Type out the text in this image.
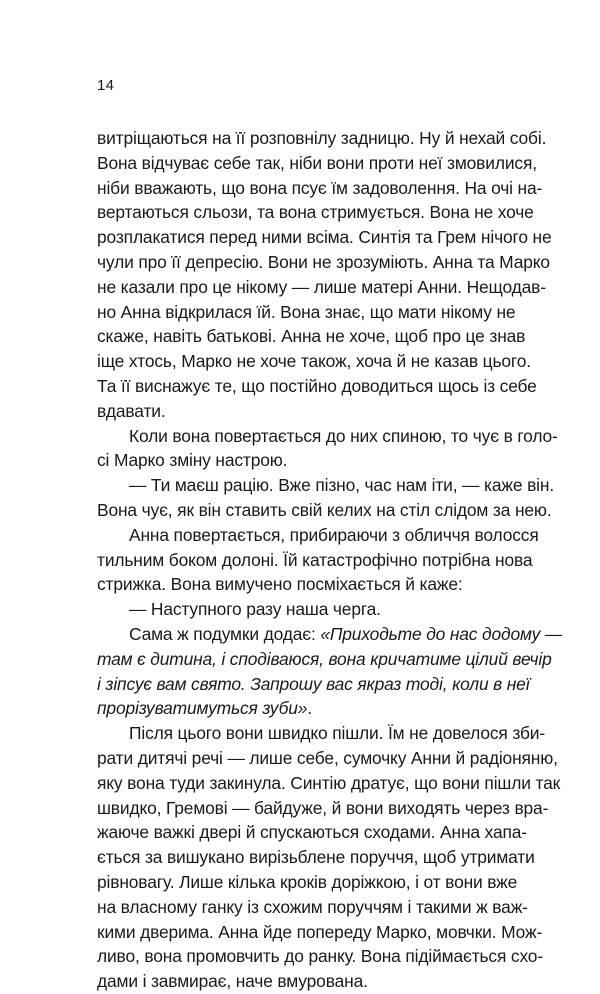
14
витріщаються на її розповнілу задницю. Ну й нехай собі.
Вона відчуває себе так, ніби вони проти неї змовилися,
ніби вважають, що вона псує їм задоволення. На очі на-
вертаються сльози, та вона стримується. Вона не хоче
розплакатися перед ними всіма. Синтія та Грем нічого не
чули про її депресію. Вони не зрозуміють. Анна та Марко
не казали про це нікому — лише матері Анни. Нещодав-
но Анна відкрилася їй. Вона знає, що мати нікому не
скаже, навіть батькові. Анна не хоче, щоб про це знав
іще хтось, Марко не хоче також, хоча й не казав цього.
Та її виснажує те, що постійно доводиться щось із себе
вдавати.
Коли вона повертається до них спиною, то чує в голо-
сі Марко зміну настрою.
— Ти маєш рацію. Вже пізно, час нам іти, — каже він.
Вона чує, як він ставить свій келих на стіл слідом за нею.
Анна повертається, прибираючи з обличчя волосся
тильним боком долоні. Їй катастрофічно потрібна нова
стрижка. Вона вимучено посміхається й каже:
— Наступного разу наша черга.
Сама ж подумки додає: «Приходьте до нас додому —
там є дитина, і сподіваюся, вона кричатиме цілий вечір
і зіпсує вам свято. Запрошу вас якраз тоді, коли в неї
прорізуватимуться зуби».
Після цього вони швидко пішли. Їм не довелося зби-
рати дитячі речі — лише себе, сумочку Анни й радіоняню,
яку вона туди закинула. Синтію дратує, що вони пішли так
швидко, Гремові — байдуже, й вони виходять через вра-
жаюче важкі двері й спускаються сходами. Анна хапа-
ється за вишукано вирізьблене поруччя, щоб утримати
рівновагу. Лише кілька кроків доріжкою, і от вони вже
на власному ганку із схожим поруччям і такими ж важ-
кими дверима. Анна йде попереду Марко, мовчки. Мож-
ливо, вона промовчить до ранку. Вона підіймається схо-
дами і завмирає, наче вмурована.
